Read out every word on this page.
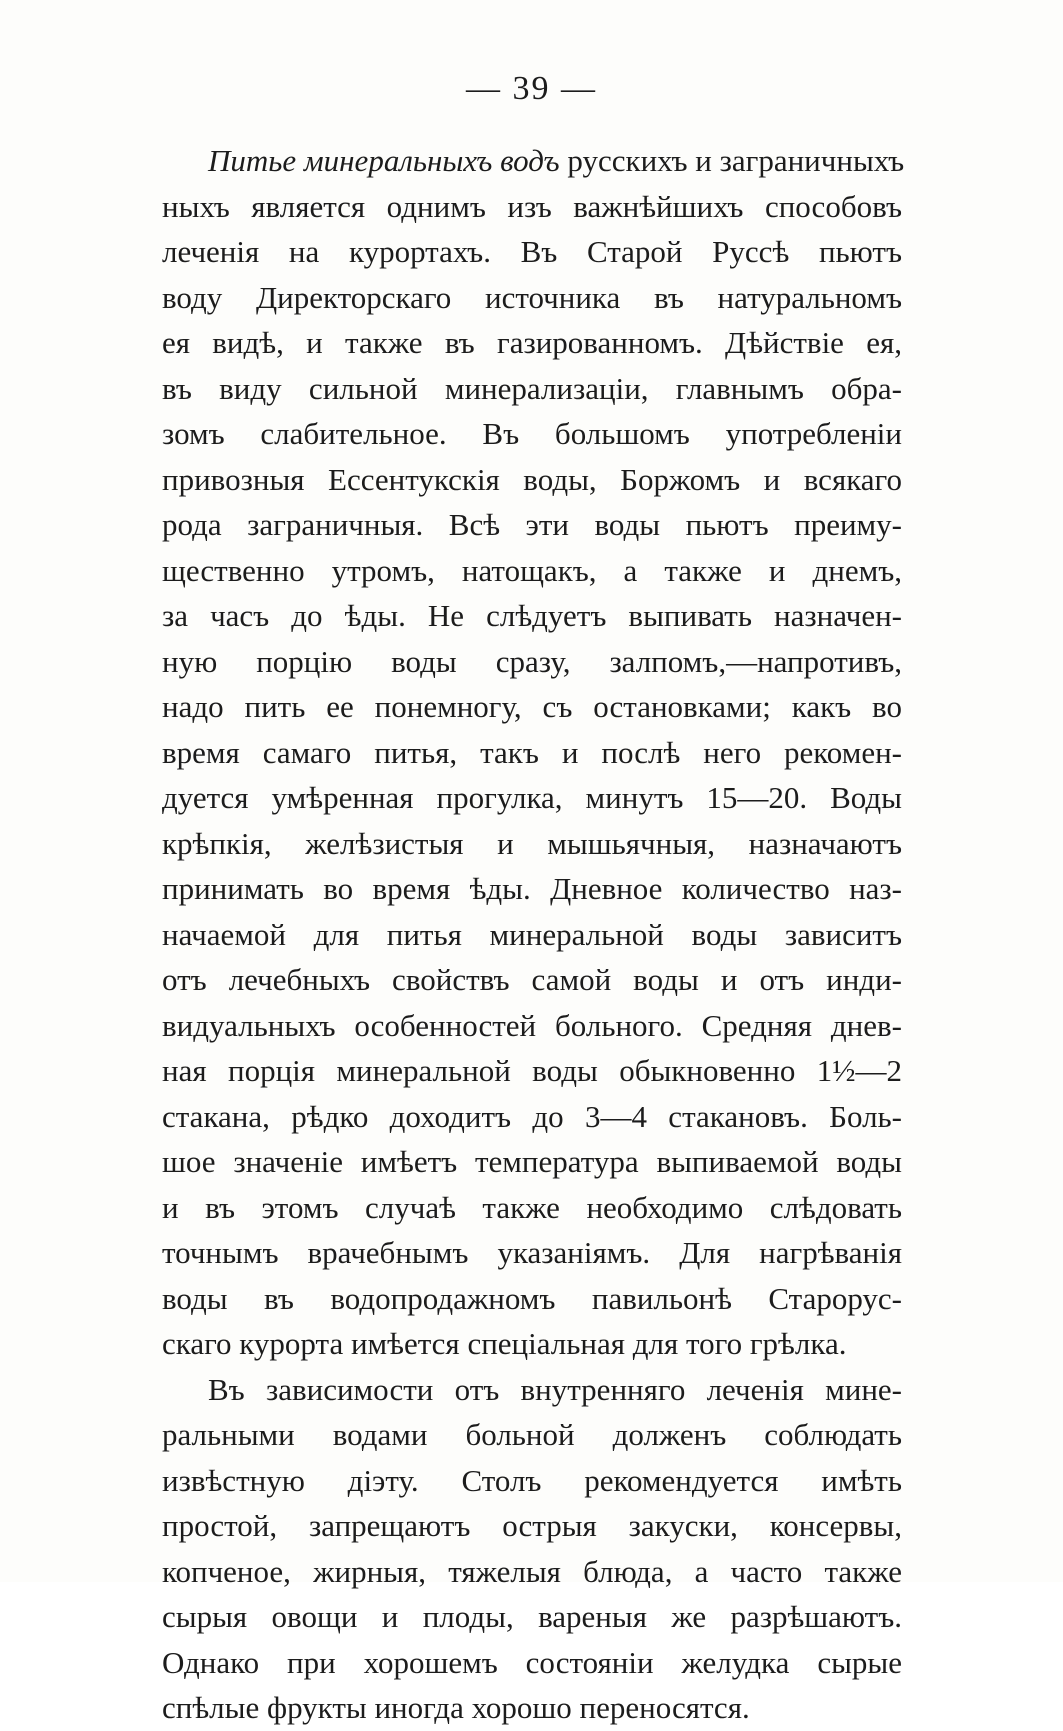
— 39 —
Питье минеральныхъ водъ русскихъ и заграничныхъ
ныхъ является однимъ изъ важнѣйшихъ способовъ
леченія на курортахъ. Въ Старой Руссѣ пьютъ
воду Директорскаго источника въ натуральномъ
ея видѣ, и также въ газированномъ. Дѣйствіе ея,
въ виду сильной минерализаціи, главнымъ обра-
зомъ слабительное. Въ большомъ употребленіи
привозныя Ессентукскія воды, Боржомъ и всякаго
рода заграничныя. Всѣ эти воды пьютъ преиму-
щественно утромъ, натощакъ, а также и днемъ,
за часъ до ѣды. Не слѣдуетъ выпивать назначен-
ную порцію воды сразу, залпомъ,—напротивъ,
надо пить ее понемногу, съ остановками; какъ во
время самаго питья, такъ и послѣ него рекомен-
дуется умѣренная прогулка, минутъ 15—20. Воды
крѣпкія, желѣзистыя и мышьячныя, назначаютъ
принимать во время ѣды. Дневное количество наз-
начаемой для питья минеральной воды зависитъ
отъ лечебныхъ свойствъ самой воды и отъ инди-
видуальныхъ особенностей больного. Средняя днев-
ная порція минеральной воды обыкновенно 1½—2
стакана, рѣдко доходитъ до 3—4 стакановъ. Боль-
шое значеніе имѣетъ температура выпиваемой воды
и въ этомъ случаѣ также необходимо слѣдовать
точнымъ врачебнымъ указаніямъ. Для нагрѣванія
воды въ водопродажномъ павильонѣ Старорус-
скаго курорта имѣется спеціальная для того грѣлка.
Въ зависимости отъ внутренняго леченія мине-
ральными водами больной долженъ соблюдать
извѣстную діэту. Столъ рекомендуется имѣть
простой, запрещаютъ острыя закуски, консервы,
копченое, жирныя, тяжелыя блюда, а часто также
сырыя овощи и плоды, вареныя же разрѣшаютъ.
Однако при хорошемъ состояніи желудка сырые
спѣлые фрукты иногда хорошо переносятся.
